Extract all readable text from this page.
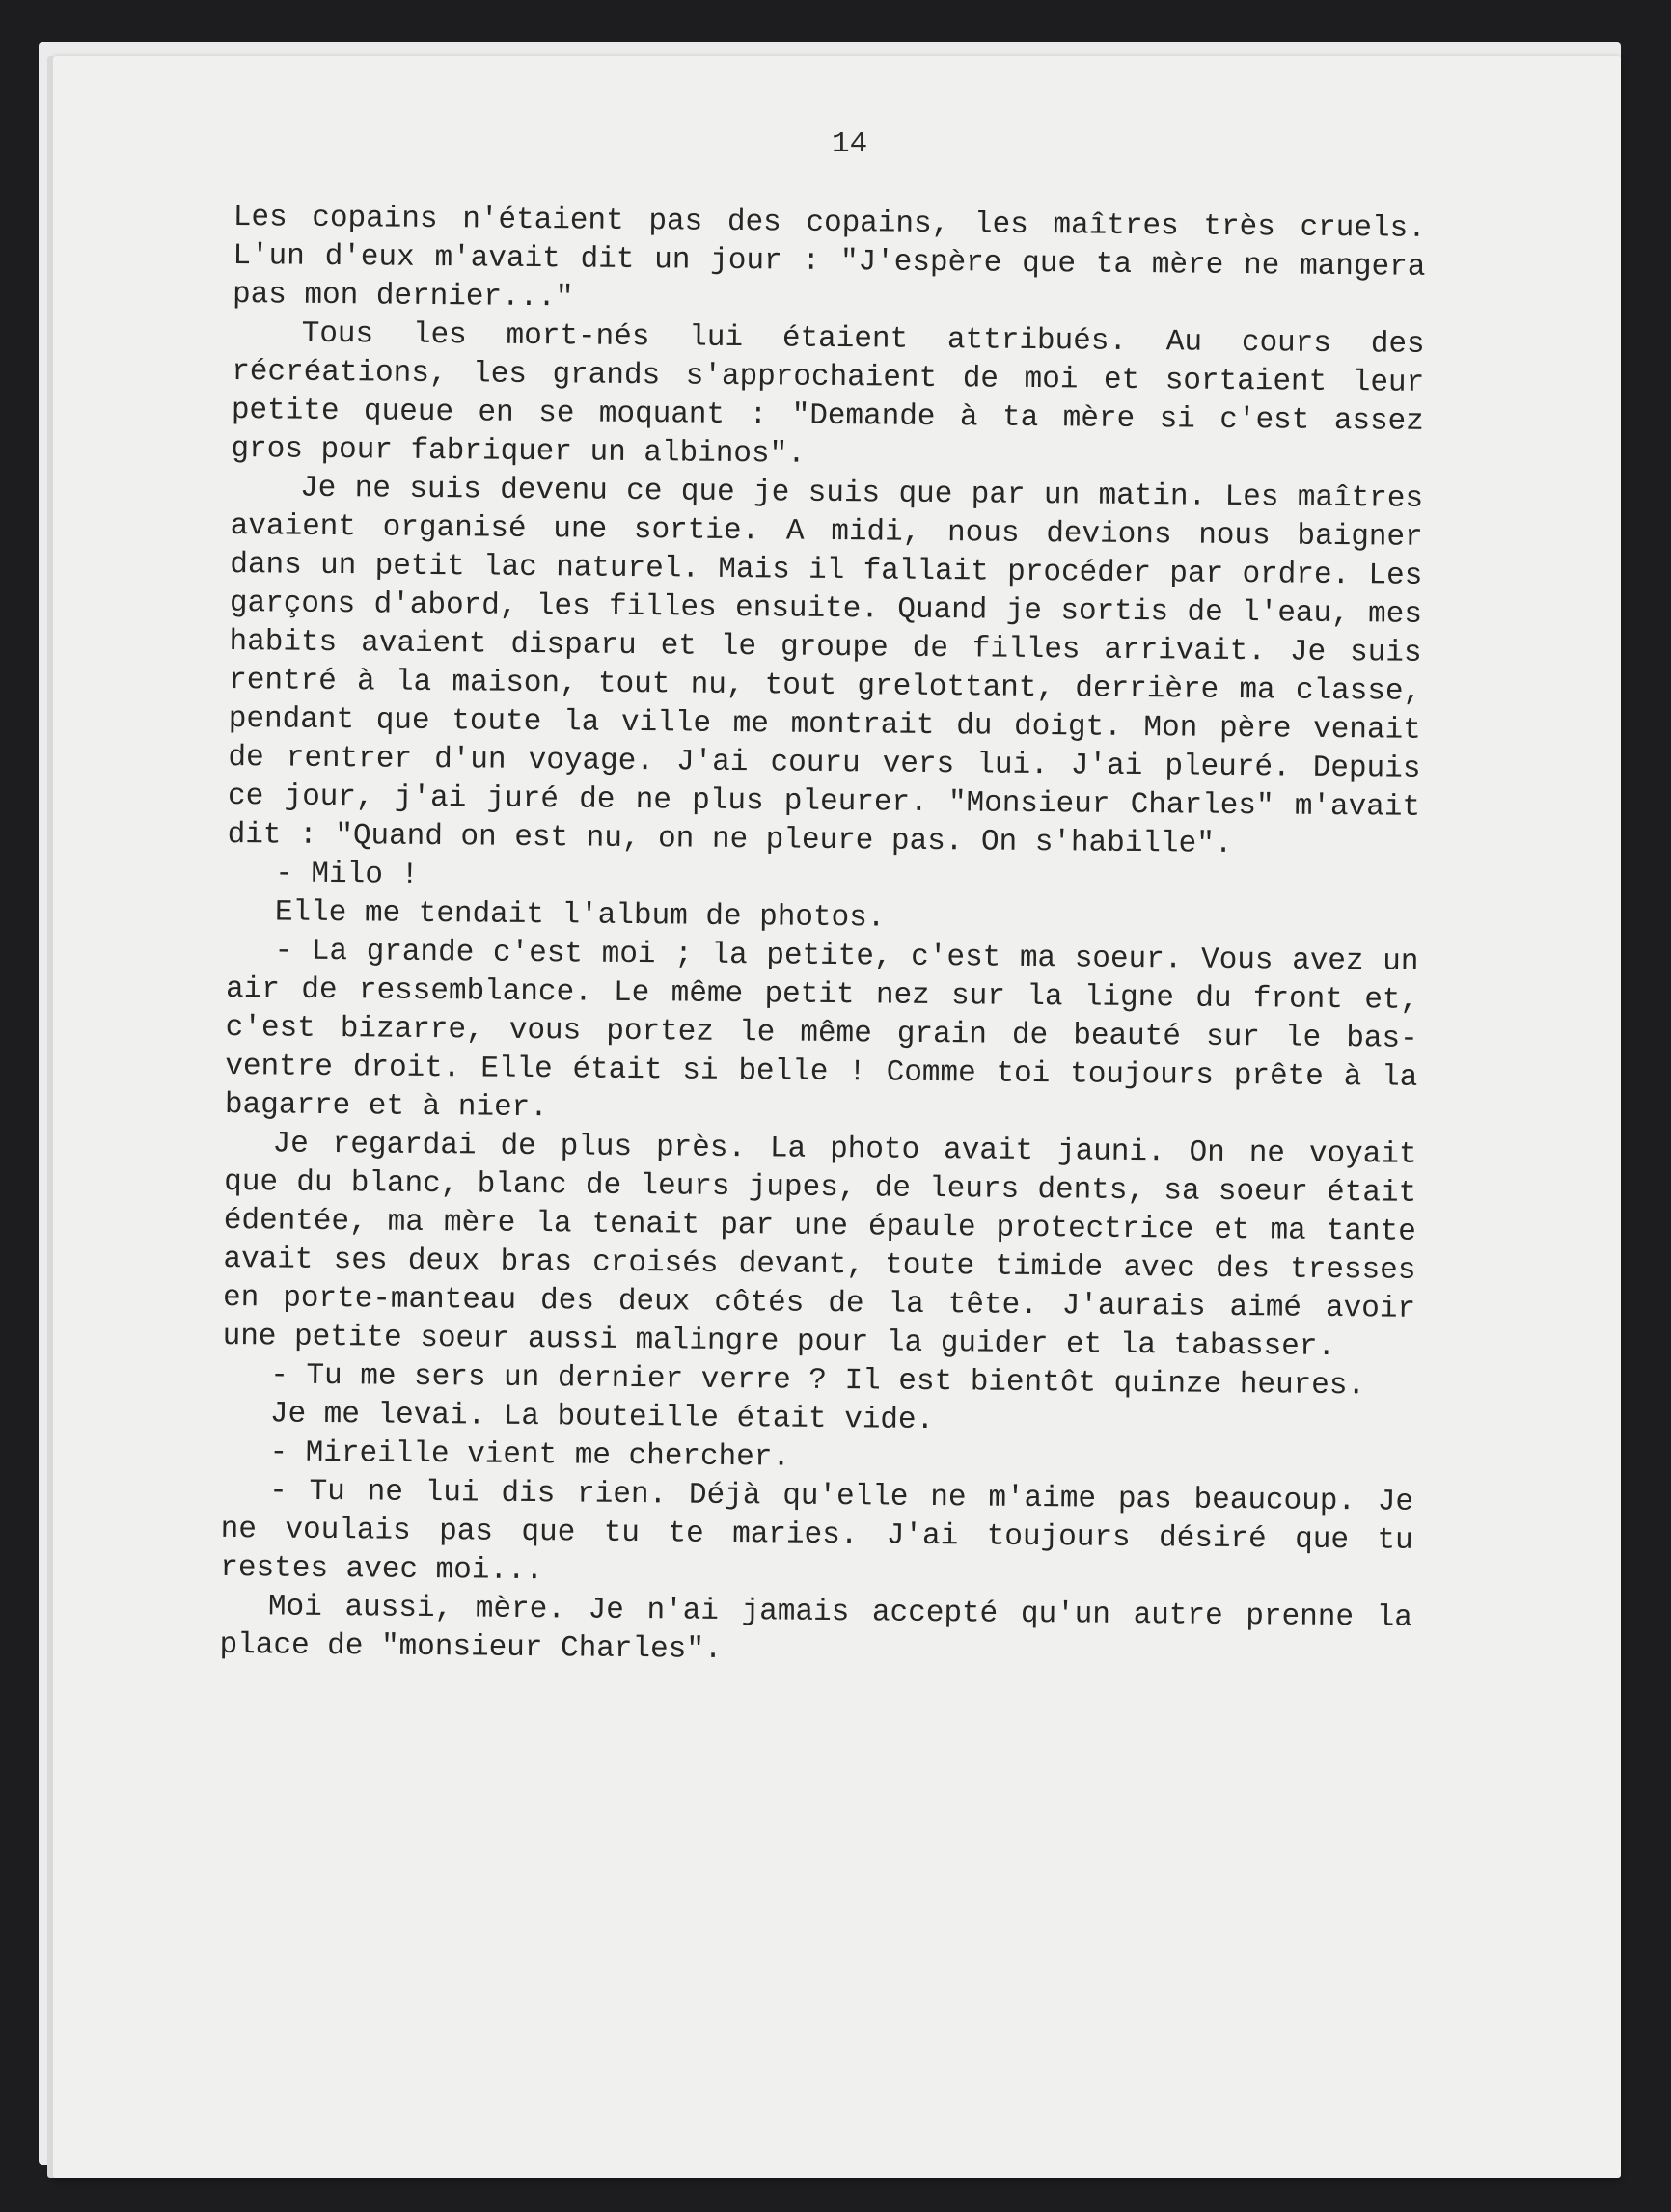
14

Les copains n'étaient pas des copains, les maîtres très cruels. L'un d'eux m'avait dit un jour : "J'espère que ta mère ne mangera pas mon dernier..."

Tous les mort-nés lui étaient attribués. Au cours des récréations, les grands s'approchaient de moi et sortaient leur petite queue en se moquant : "Demande à ta mère si c'est assez gros pour fabriquer un albinos".

Je ne suis devenu ce que je suis que par un matin. Les maîtres avaient organisé une sortie. A midi, nous devions nous baigner dans un petit lac naturel. Mais il fallait procéder par ordre. Les garçons d'abord, les filles ensuite. Quand je sortis de l'eau, mes habits avaient disparu et le groupe de filles arrivait. Je suis rentré à la maison, tout nu, tout grelottant, derrière ma classe, pendant que toute la ville me montrait du doigt. Mon père venait de rentrer d'un voyage. J'ai couru vers lui. J'ai pleuré. Depuis ce jour, j'ai juré de ne plus pleurer. "Monsieur Charles" m'avait dit : "Quand on est nu, on ne pleure pas. On s'habille".

- Milo !

Elle me tendait l'album de photos.

- La grande c'est moi ; la petite, c'est ma soeur. Vous avez un air de ressemblance. Le même petit nez sur la ligne du front et, c'est bizarre, vous portez le même grain de beauté sur le bas-ventre droit. Elle était si belle ! Comme toi toujours prête à la bagarre et à nier.

Je regardai de plus près. La photo avait jauni. On ne voyait que du blanc, blanc de leurs jupes, de leurs dents, sa soeur était édentée, ma mère la tenait par une épaule protectrice et ma tante avait ses deux bras croisés devant, toute timide avec des tresses en porte-manteau des deux côtés de la tête. J'aurais aimé avoir une petite soeur aussi malingre pour la guider et la tabasser.

- Tu me sers un dernier verre ? Il est bientôt quinze heures.

Je me levai. La bouteille était vide.

- Mireille vient me chercher.

- Tu ne lui dis rien. Déjà qu'elle ne m'aime pas beaucoup. Je ne voulais pas que tu te maries. J'ai toujours désiré que tu restes avec moi...

Moi aussi, mère. Je n'ai jamais accepté qu'un autre prenne la place de "monsieur Charles".
